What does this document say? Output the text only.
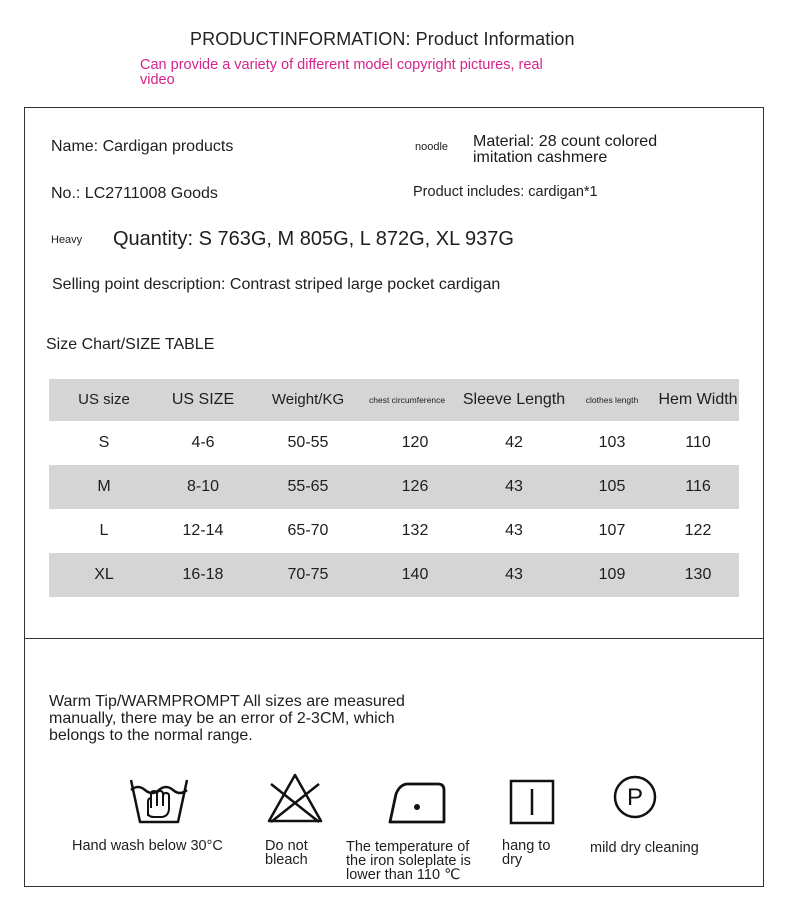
PRODUCTINFORMATION: Product Information
Can provide a variety of different model copyright pictures, real video
Name: Cardigan products	noodle Material: 28 count colored imitation cashmere
No.: LC2711008 Goods	Product includes: cardigan*1
Heavy Quantity: S 763G, M 805G, L 872G, XL 937G
Selling point description: Contrast striped large pocket cardigan
Size Chart/SIZE TABLE
US size	US SIZE	Weight/KG	chest circumference	Sleeve Length	clothes length	Hem Width
S	4-6	50-55	120	42	103	110
M	8-10	55-65	126	43	105	116
L	12-14	65-70	132	43	107	122
XL	16-18	70-75	140	43	109	130
Warm Tip/WARMPROMPT All sizes are measured manually, there may be an error of 2-3CM, which belongs to the normal range.
P
Hand wash below 30°C	Do not bleach
The temperature of the iron soleplate is lower than 110 ℃
hang to dry
mild dry cleaning
